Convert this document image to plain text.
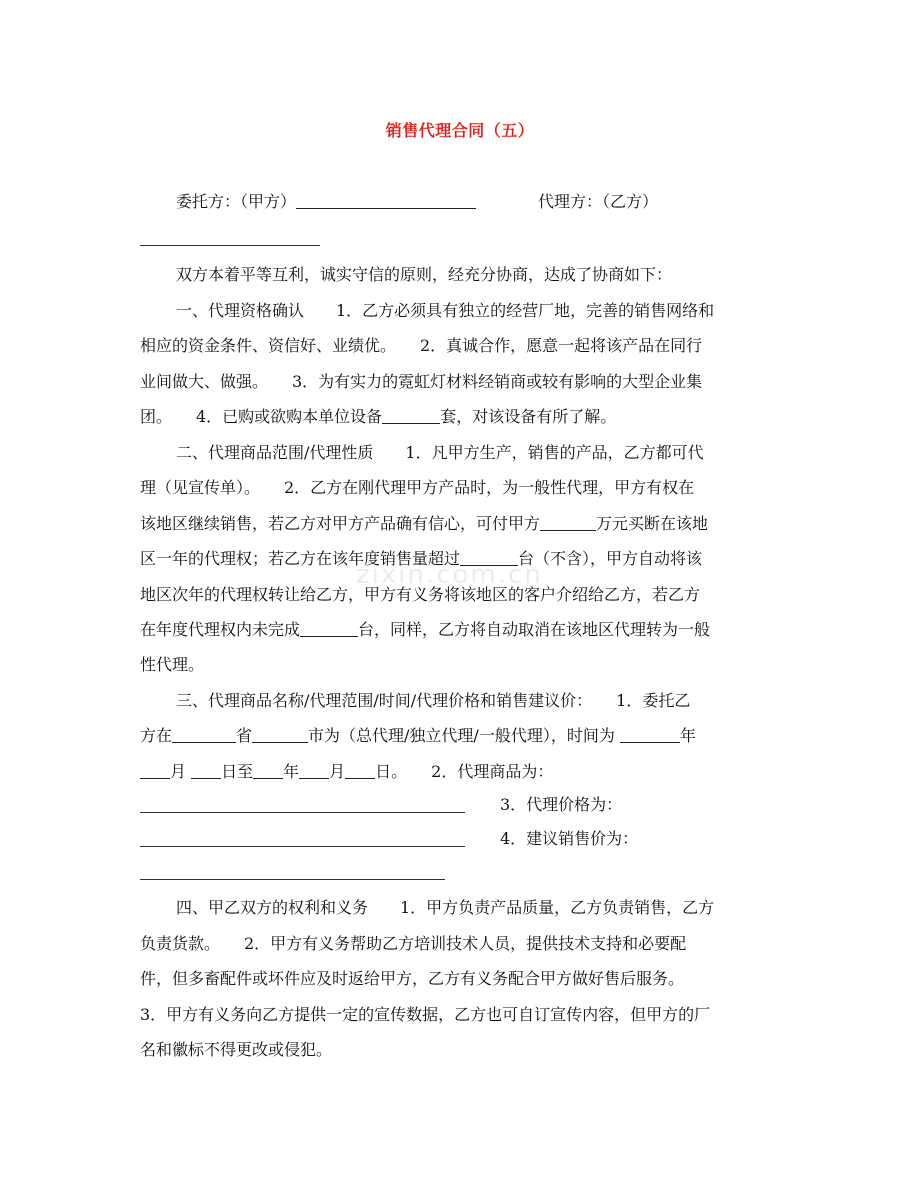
销售代理合同（五）
zixin.com.cn
委托方：（甲方）	代理方：（乙方）
双方本着平等互利，诚实守信的原则，经充分协商，达成了协商如下：
一、代理资格确认　　1．乙方必须具有独立的经营厂地，完善的销售网络和
相应的资金条件、资信好、业绩优。　　2．真诚合作，愿意一起将该产品在同行
业间做大、做强。　　3．为有实力的霓虹灯材料经销商或较有影响的大型企业集
团。　　4．已购或欲购本单位设备	套，对该设备有所了解。
二、代理商品范围/代理性质　　1．凡甲方生产，销售的产品，乙方都可代
理（见宣传单）。　　2．乙方在刚代理甲方产品时，为一般性代理，甲方有权在
该地区继续销售，若乙方对甲方产品确有信心，可付甲方	万元买断在该地
区一年的代理权；若乙方在该年度销售量超过	台（不含），甲方自动将该
地区次年的代理权转让给乙方，甲方有义务将该地区的客户介绍给乙方，若乙方
在年度代理权内未完成	台，同样，乙方将自动取消在该地区代理转为一般
性代理。
三、代理商品名称/代理范围/时间/代理价格和销售建议价：　　1．委托乙
方在	省	市为（总代理/独立代理/一般代理），时间为	年
月 日至 年 月 日。　　2．代理商品为：
3．代理价格为：
4．建议销售价为：
四、甲乙双方的权利和义务　　1．甲方负责产品质量，乙方负责销售，乙方
负责货款。　　2．甲方有义务帮助乙方培训技术人员，提供技术支持和必要配
件，但多畜配件或坏件应及时返给甲方，乙方有义务配合甲方做好售后服务。
3．甲方有义务向乙方提供一定的宣传数据，乙方也可自订宣传内容，但甲方的厂
名和徽标不得更改或侵犯。
